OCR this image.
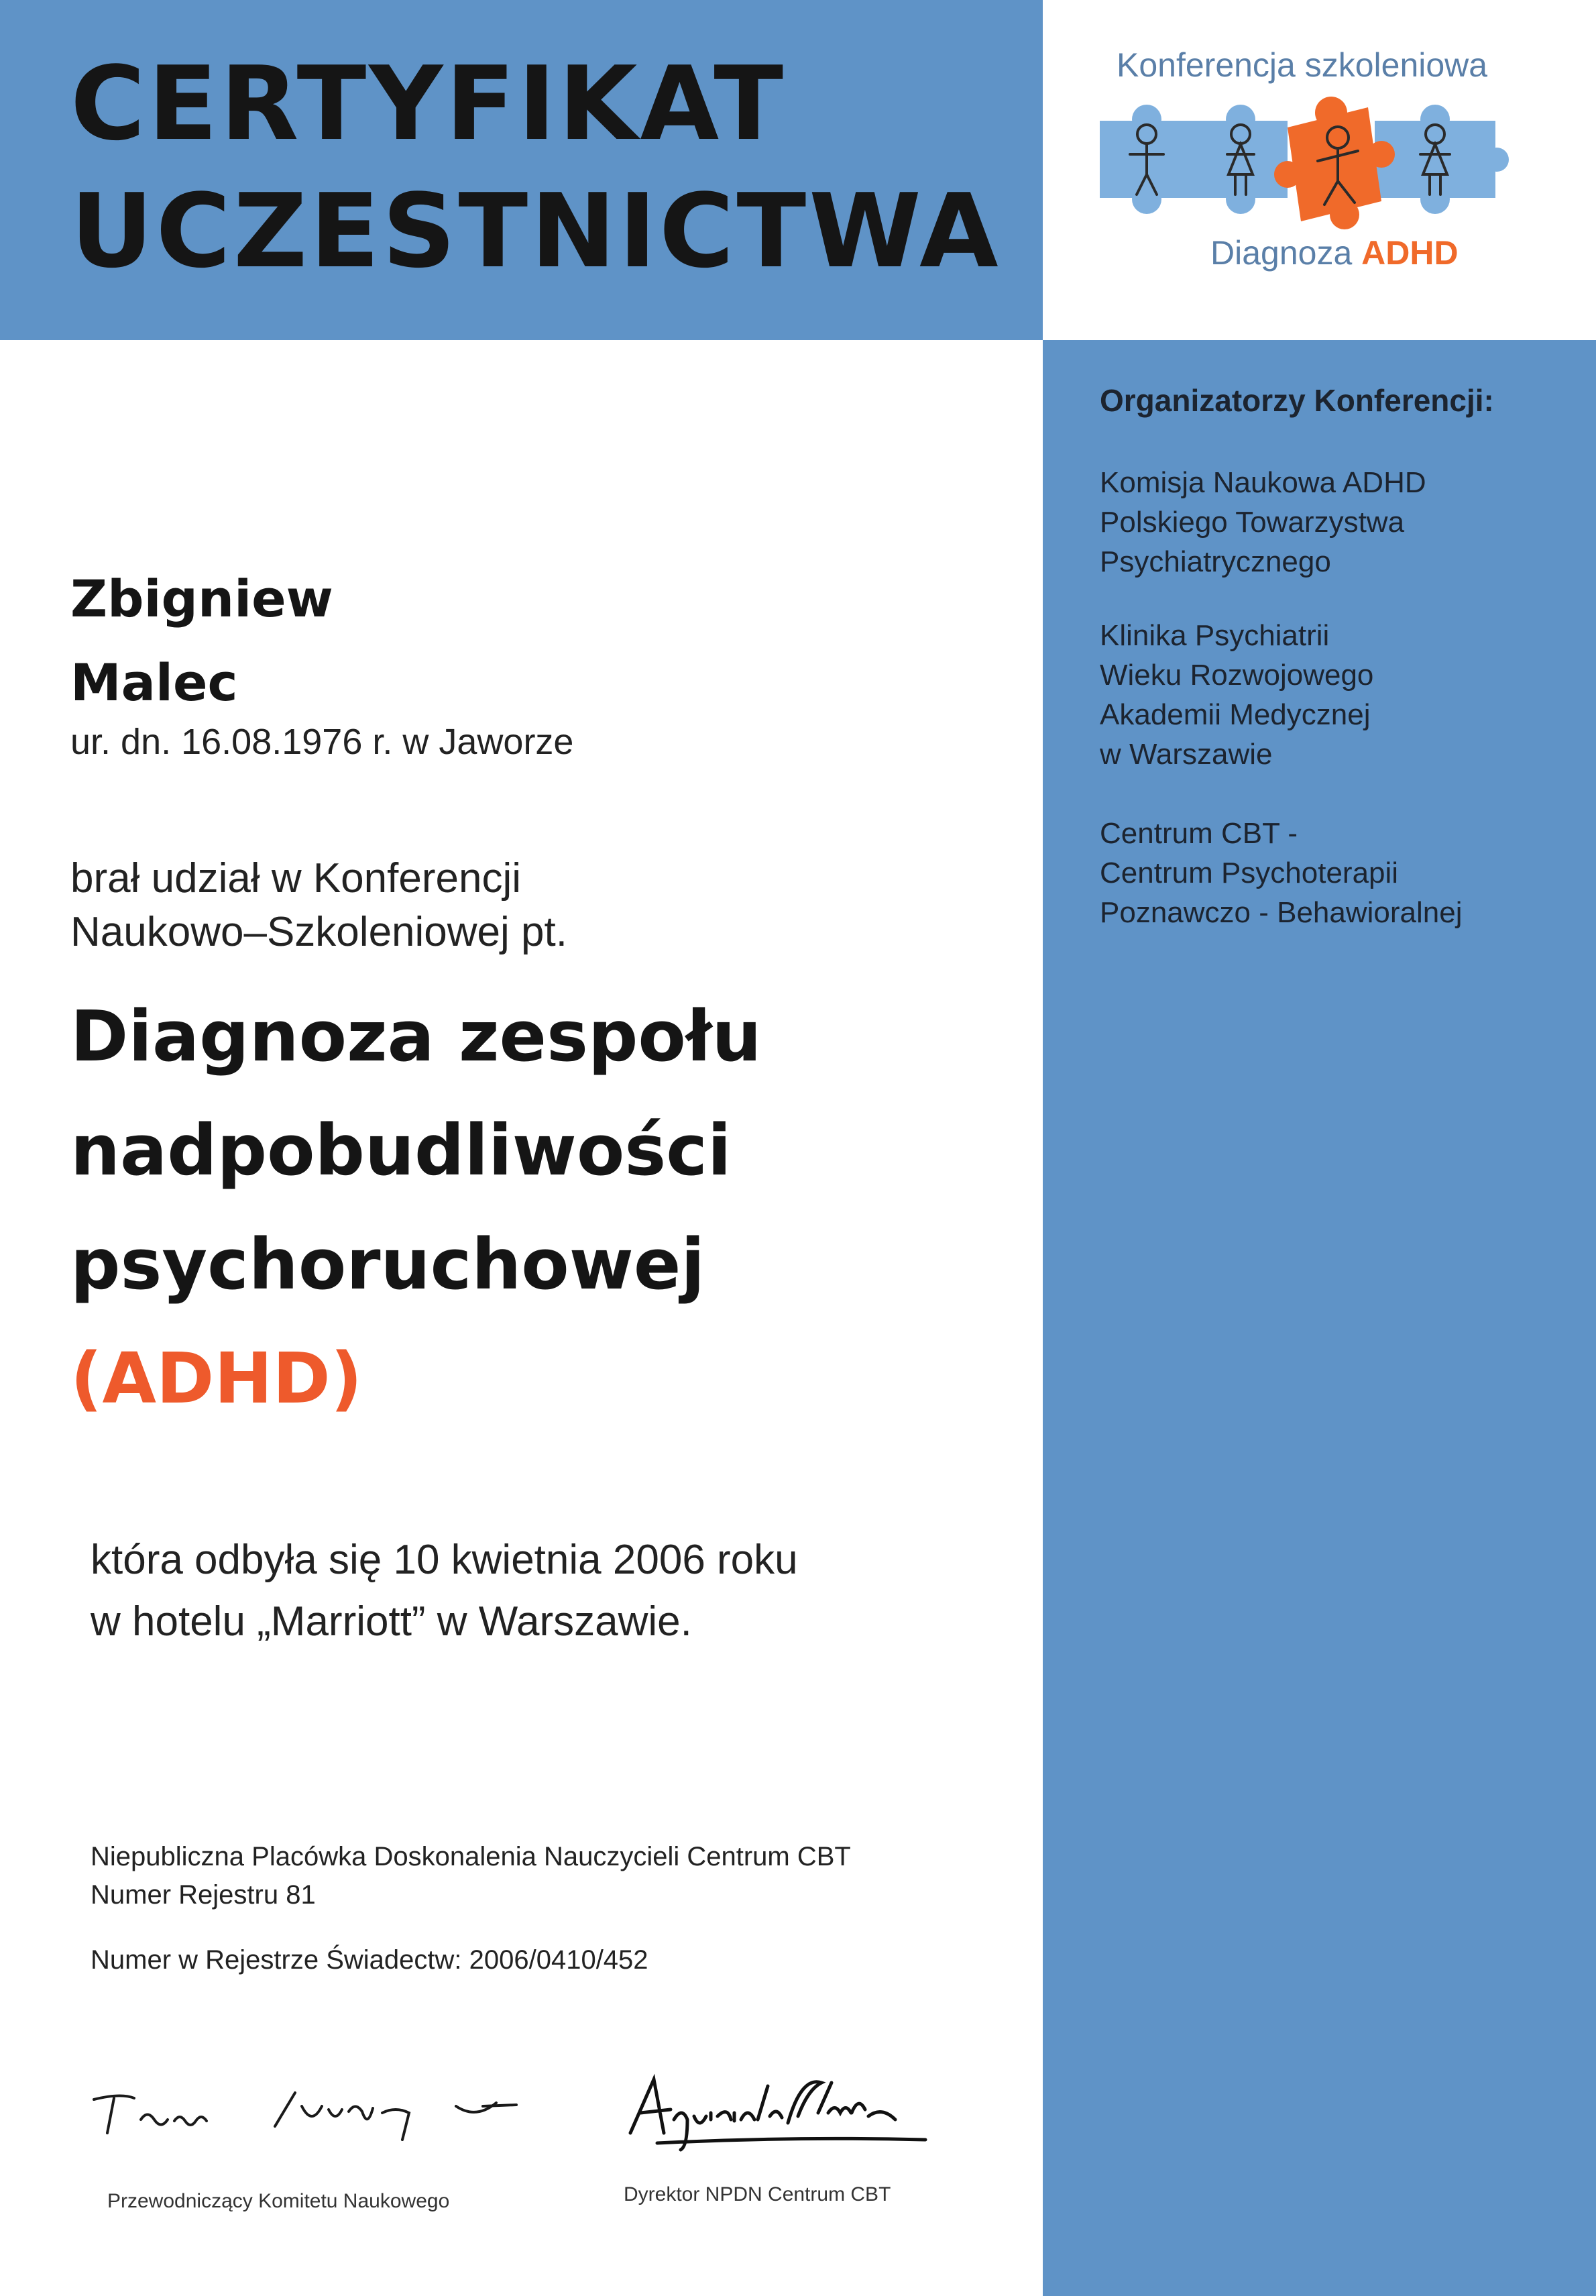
CERTYFIKAT
UCZESTNICTWA
Konferencja szkoleniowa
Diagnoza ADHD
Organizatorzy Konferencji:
Komisja Naukowa ADHD
Polskiego Towarzystwa
Psychiatrycznego
Klinika Psychiatrii
Wieku Rozwojowego
Akademii Medycznej
w Warszawie
Centrum CBT -
Centrum Psychoterapii
Poznawczo - Behawioralnej
Zbigniew
Malec
ur. dn. 16.08.1976 r. w Jaworze
brał udział w Konferencji
Naukowo–Szkoleniowej pt.
Diagnoza zespołu
nadpobudliwości
psychoruchowej
(ADHD)
która odbyła się 10 kwietnia 2006 roku
w hotelu „Marriott” w Warszawie.
Niepubliczna Placówka Doskonalenia Nauczycieli Centrum CBT
Numer Rejestru 81
Numer w Rejestrze Świadectw: 2006/0410/452
Przewodniczący Komitetu Naukowego	Dyrektor NPDN Centrum CBT
